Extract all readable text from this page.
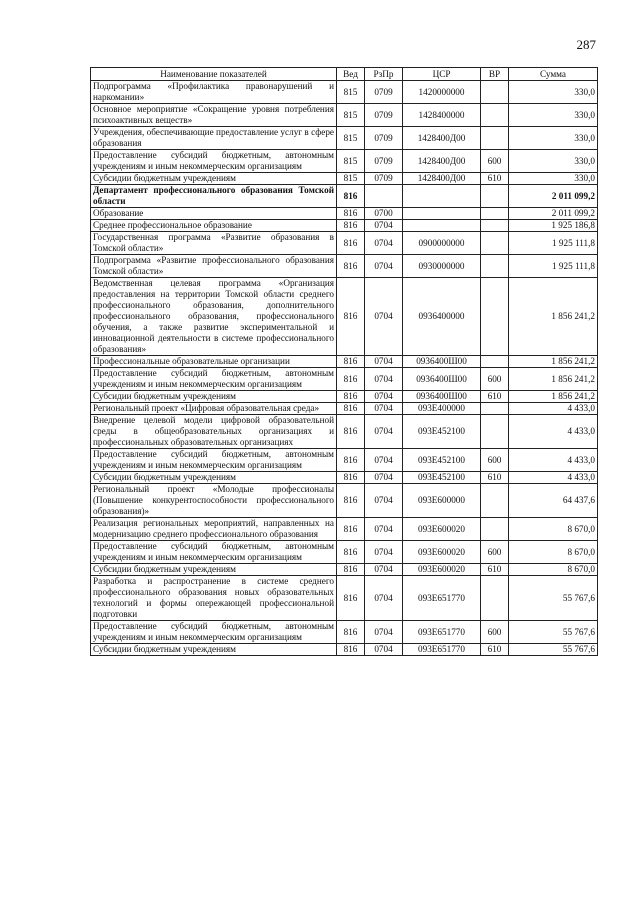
287
Наименование показателей	Вед	РзПр	ЦСР	ВР	Сумма
Подпрограмма «Профилактика правонарушений и наркомании»	815	0709	1420000000		330,0
Основное мероприятие «Сокращение уровня потребления психоактивных веществ»	815	0709	1428400000		330,0
Учреждения, обеспечивающие предоставление услуг в сфере образования	815	0709	1428400Д00		330,0
Предоставление субсидий бюджетным, автономным учреждениям и иным некоммерческим организациям	815	0709	1428400Д00	600	330,0
Субсидии бюджетным учреждениям	815	0709	1428400Д00	610	330,0
Департамент профессионального образования Томской области	816				2 011 099,2
Образование	816	0700			2 011 099,2
Среднее профессиональное образование	816	0704			1 925 186,8
Государственная программа «Развитие образования в Томской области»	816	0704	0900000000		1 925 111,8
Подпрограмма «Развитие профессионального образования Томской области»	816	0704	0930000000		1 925 111,8
Ведомственная целевая программа «Организация предоставления на территории Томской области среднего профессионального образования, дополнительного профессионального образования, профессионального обучения, а также развитие экспериментальной и инновационной деятельности в системе профессионального образования»	816	0704	0936400000		1 856 241,2
Профессиональные образовательные организации	816	0704	0936400Ш00		1 856 241,2
Предоставление субсидий бюджетным, автономным учреждениям и иным некоммерческим организациям	816	0704	0936400Ш00	600	1 856 241,2
Субсидии бюджетным учреждениям	816	0704	0936400Ш00	610	1 856 241,2
Региональный проект «Цифровая образовательная среда»	816	0704	093E400000		4 433,0
Внедрение целевой модели цифровой образовательной среды в общеобразовательных организациях и профессиональных образовательных организациях	816	0704	093E452100		4 433,0
Предоставление субсидий бюджетным, автономным учреждениям и иным некоммерческим организациям	816	0704	093E452100	600	4 433,0
Субсидии бюджетным учреждениям	816	0704	093E452100	610	4 433,0
Региональный проект «Молодые профессионалы (Повышение конкурентоспособности профессионального образования)»	816	0704	093E600000		64 437,6
Реализация региональных мероприятий, направленных на модернизацию среднего профессионального образования	816	0704	093E600020		8 670,0
Предоставление субсидий бюджетным, автономным учреждениям и иным некоммерческим организациям	816	0704	093E600020	600	8 670,0
Субсидии бюджетным учреждениям	816	0704	093E600020	610	8 670,0
Разработка и распространение в системе среднего профессионального образования новых образовательных технологий и формы опережающей профессиональной подготовки	816	0704	093E651770		55 767,6
Предоставление субсидий бюджетным, автономным учреждениям и иным некоммерческим организациям	816	0704	093E651770	600	55 767,6
Субсидии бюджетным учреждениям	816	0704	093E651770	610	55 767,6
